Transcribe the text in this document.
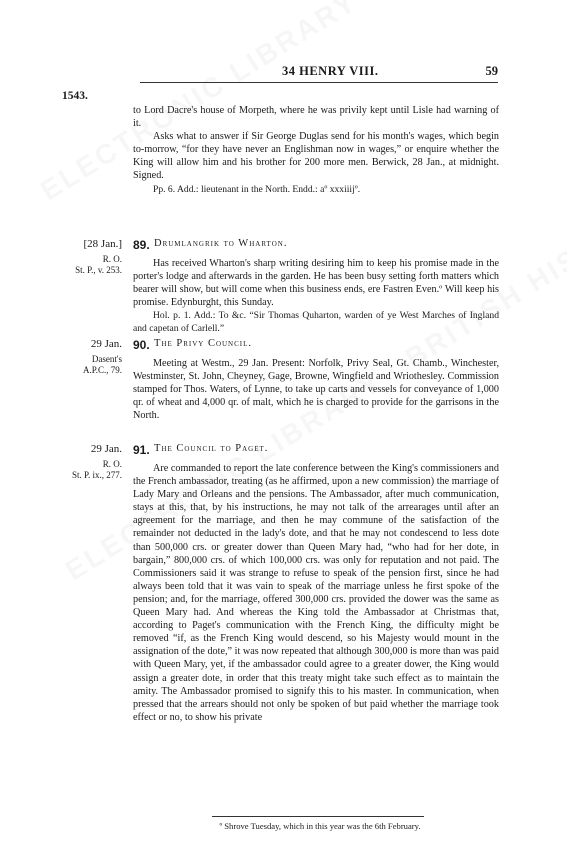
34 HENRY VIII.	59
1543.

to Lord Dacre's house of Morpeth, where he was privily kept until Lisle had warning of it.

Asks what to answer if Sir George Duglas send for his month's wages, which begin to-morrow, “for they have never an Englishman now in wages,” or enquire whether the King will allow him and his brother for 200 more men. Berwick, 28 Jan., at midnight. Signed.

Pp. 6. Add.: lieutenant in the North. Endd.: aº xxxiiijº.

[28 Jan.]
R. O.
St. P., v. 253.
89. Drumlangrik to Wharton.

Has received Wharton's sharp writing desiring him to keep his promise made in the porter's lodge and afterwards in the garden. He has been busy setting forth matters which bearer will show, but will come when this business ends, ere Fastren Even.º Will keep his promise. Edynburght, this Sunday.

Hol. p. 1. Add.: To &c. “Sir Thomas Quharton, warden of ye West Marches of Ingland and capetan of Carlell.”

29 Jan.
Dasent's
A.P.C., 79.
90. The Privy Council.

Meeting at Westm., 29 Jan. Present: Norfolk, Privy Seal, Gt. Chamb., Winchester, Westminster, St. John, Cheyney, Gage, Browne, Wingfield and Wriothesley. Commission stamped for Thos. Waters, of Lynne, to take up carts and vessels for conveyance of 1,000 qr. of wheat and 4,000 qr. of malt, which he is charged to provide for the garrisons in the North.

29 Jan.
R. O.
St. P. ix., 277.
91. The Council to Paget.

Are commanded to report the late conference between the King's commissioners and the French ambassador, treating (as he affirmed, upon a new commission) the marriage of Lady Mary and Orleans and the pensions. The Ambassador, after much communication, stays at this, that, by his instructions, he may not talk of the arrearages until after an agreement for the marriage, and then he may commune of the satisfaction of the remainder not deducted in the lady's dote, and that he may not condescend to less dote than 500,000 crs. or greater dower than Queen Mary had, “who had for her dote, in bargain,” 800,000 crs. of which 100,000 crs. was only for reputation and not paid. The Commissioners said it was strange to refuse to speak of the pension first, since he had always been told that it was vain to speak of the marriage unless he first spoke of the pension; and, for the marriage, offered 300,000 crs. provided the dower was the same as Queen Mary had. And whereas the King told the Ambassador at Christmas that, according to Paget's communication with the French King, the difficulty might be removed “if, as the French King would descend, so his Majesty would mount in the assignation of the dote,” it was now repeated that although 300,000 is more than was paid with Queen Mary, yet, if the ambassador could agree to a greater dower, the King would assign a greater dote, in order that this treaty might take such effect as to maintain the amity. The Ambassador promised to signify this to his master. In communication, when pressed that the arrears should not only be spoken of but paid whether the marriage took effect or no, to show his private

º Shrove Tuesday, which in this year was the 6th February.
